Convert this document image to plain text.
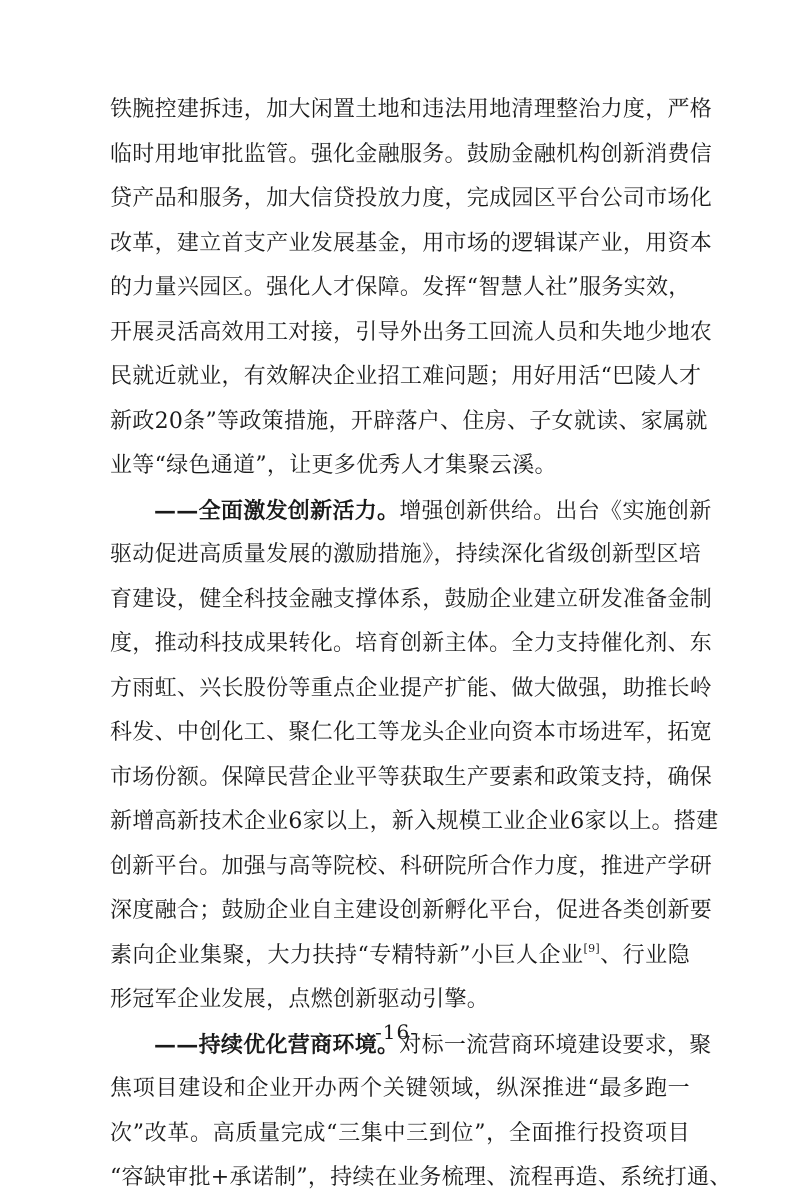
铁腕控建拆违，加大闲置土地和违法用地清理整治力度，严格
临时用地审批监管。强化金融服务。鼓励金融机构创新消费信
贷产品和服务，加大信贷投放力度，完成园区平台公司市场化
改革，建立首支产业发展基金，用市场的逻辑谋产业，用资本
的力量兴园区。强化人才保障。发挥“智慧人社”服务实效，
开展灵活高效用工对接，引导外出务工回流人员和失地少地农
民就近就业，有效解决企业招工难问题；用好用活“巴陵人才
新政20条”等政策措施，开辟落户、住房、子女就读、家属就
业等“绿色通道”，让更多优秀人才集聚云溪。
——全面激发创新活力。增强创新供给。出台《实施创新
驱动促进高质量发展的激励措施》，持续深化省级创新型区培
育建设，健全科技金融支撑体系，鼓励企业建立研发准备金制
度，推动科技成果转化。培育创新主体。全力支持催化剂、东
方雨虹、兴长股份等重点企业提产扩能、做大做强，助推长岭
科发、中创化工、聚仁化工等龙头企业向资本市场进军，拓宽
市场份额。保障民营企业平等获取生产要素和政策支持，确保
新增高新技术企业6家以上，新入规模工业企业6家以上。搭建
创新平台。加强与高等院校、科研院所合作力度，推进产学研
深度融合；鼓励企业自主建设创新孵化平台，促进各类创新要
素向企业集聚，大力扶持“专精特新”小巨人企业[9]、行业隐
形冠军企业发展，点燃创新驱动引擎。
——持续优化营商环境。对标一流营商环境建设要求，聚
焦项目建设和企业开办两个关键领域，纵深推进“最多跑一
次”改革。高质量完成“三集中三到位”，全面推行投资项目
“容缺审批+承诺制”，持续在业务梳理、流程再造、系统打通、
-16-
